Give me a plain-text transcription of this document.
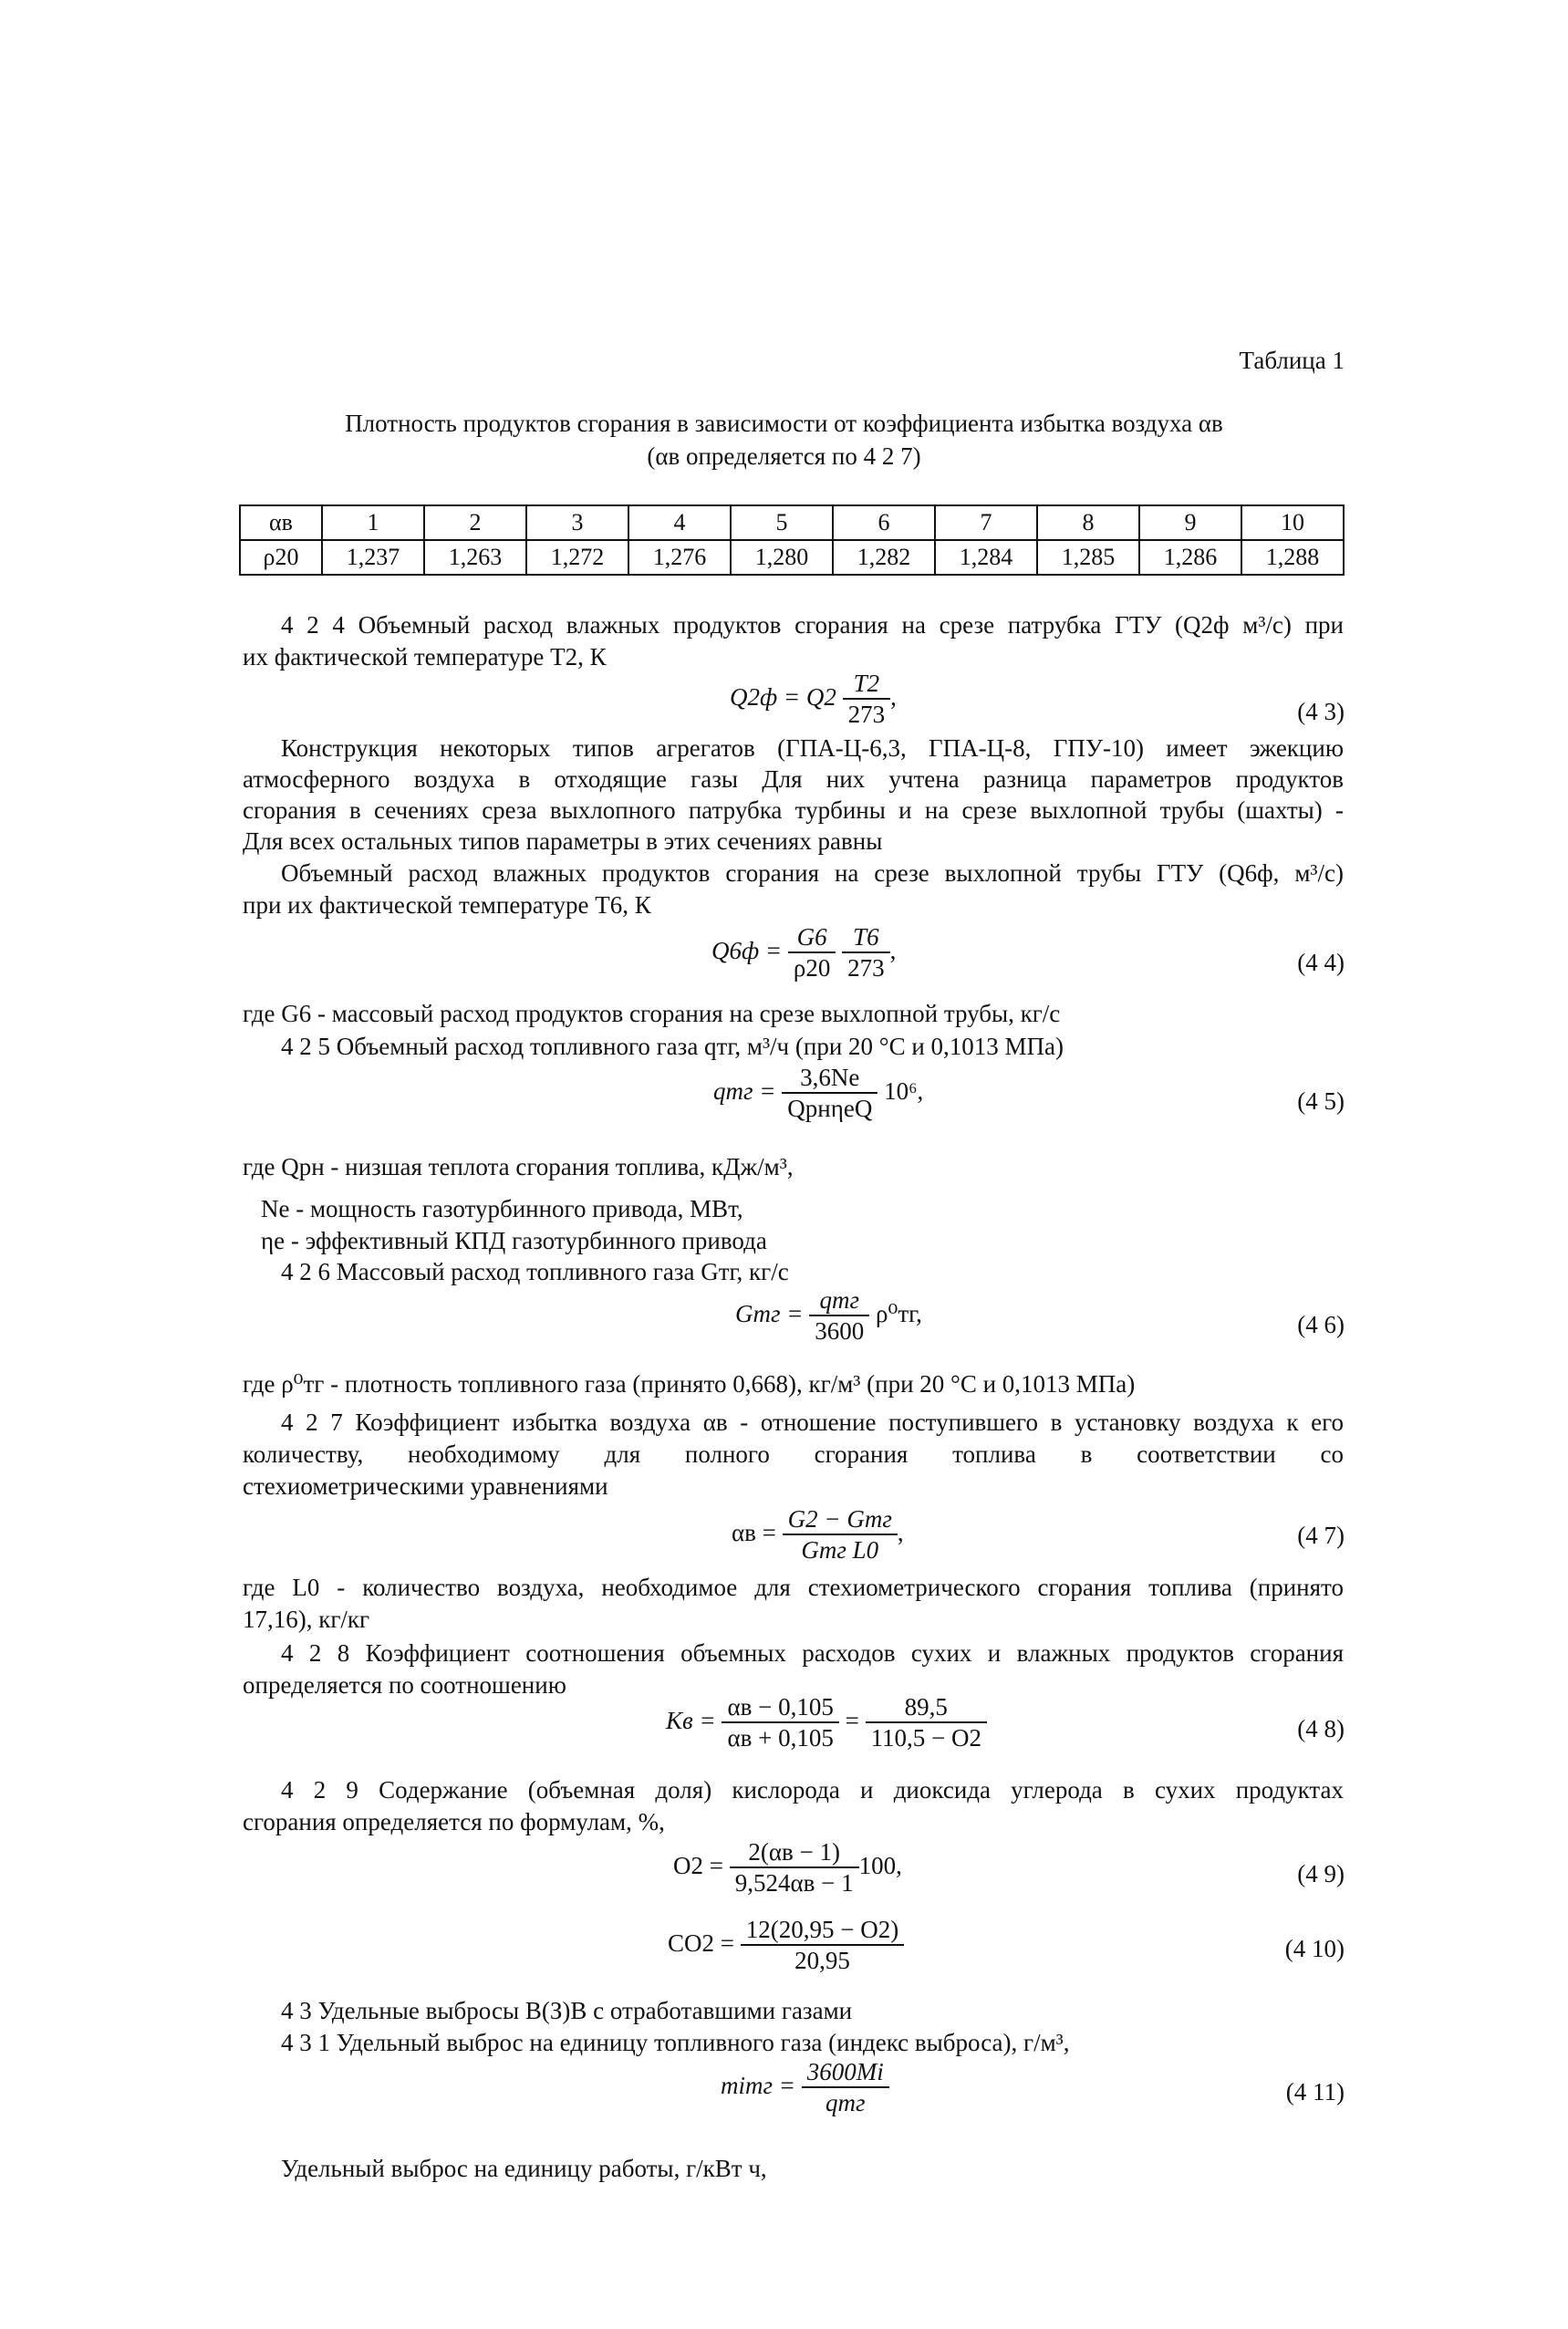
Таблица 1
Плотность продуктов сгорания в зависимости от коэффициента избытка воздуха αв
(αв определяется по 4 2 7)
αв	1	2	3	4	5	6	7	8	9	10
ρ20	1,237	1,263	1,272	1,276	1,280	1,282	1,284	1,285	1,286	1,288
4 2 4 Объемный расход влажных продуктов сгорания на срезе патрубка ГТУ (Q2ф м³/с) при
их фактической температуре T2, К
$Q2ф = Q2 \frac{T2}{273}$ ,
(4 3)
Конструкция некоторых типов агрегатов (ГПА-Ц-6,3, ГПА-Ц-8, ГПУ-10) имеет эжекцию
атмосферного воздуха в отходящие газы Для них учтена разница параметров продуктов
сгорания в сечениях среза выхлопного патрубка турбины и на срезе выхлопной трубы (шахты) -
Для всех остальных типов параметры в этих сечениях равны
Объемный расход влажных продуктов сгорания на срезе выхлопной трубы ГТУ (Q6ф, м³/с)
при их фактической температуре T6, К
$Q6ф = \frac{G6}{\rho 20}$
$\frac{T6}{273}$ ,	(4 4)
где G6 - массовый расход продуктов сгорания на срезе выхлопной трубы, кг/с
4 2 5 Объемный расход топливного газа qтг, м³/ч (при 20 °С и 0,1013 МПа)
qтг = $\frac{3,6Ne}{\text{QрнηеQ}} 10^6$,	(4 5)
где Qрн - низшая теплота сгорания топлива, кДж/м³,
Ne - мощность газотурбинного привода, МВт,
ηе - эффективный КПД газотурбинного привода
4 2 6 Массовый расход топливного газа Gтг, кг/с
Gтг = $\frac{\text{qтг}}{3600} \rho^0тг$,	(4 6)
где ρ⁰тг - плотность топливного газа (принято 0,668), кг/м³ (при 20 °С и 0,1013 МПа)
4 2 7 Коэффициент избытка воздуха αв - отношение поступившего в установку воздуха к его
количеству, необходимому для полного сгорания топлива в соответствии со
стехиометрическими уравнениями
$\alpha в = \frac{\text{G2 − Gтг}}{\text{Gтг L0}}$ ,	(4 7)
где L0 - количество воздуха, необходимое для стехиометрического сгорания топлива (принято
17,16), кг/кг
4 2 8 Коэффициент соотношения объемных расходов сухих и влажных продуктов сгорания
определяется по соотношению
Kв = $\frac{\alpha в - 0,105}{\alpha в + 0,105} = \frac{89,5}{110,5 - O2}$	(4 8)
4 2 9 Содержание (объемная доля) кислорода и диоксида углерода в сухих продуктах
сгорания определяется по формулам, %,
$O2 = \frac{2(\alpha в - 1)}{9,524\alpha в - 1} 100$,	(4 9)
$CO2 = \frac{12(20,95 - O2)}{20,95}$	(4 10)
4 3 Удельные выбросы В(З)В с отработавшими газами
4 3 1 Удельный выброс на единицу топливного газа (индекс выброса), г/м³,
miтг = $\frac{3600Mi}{\text{qтг}}$	(4 11)
Удельный выброс на единицу работы, г/кВт ч,
